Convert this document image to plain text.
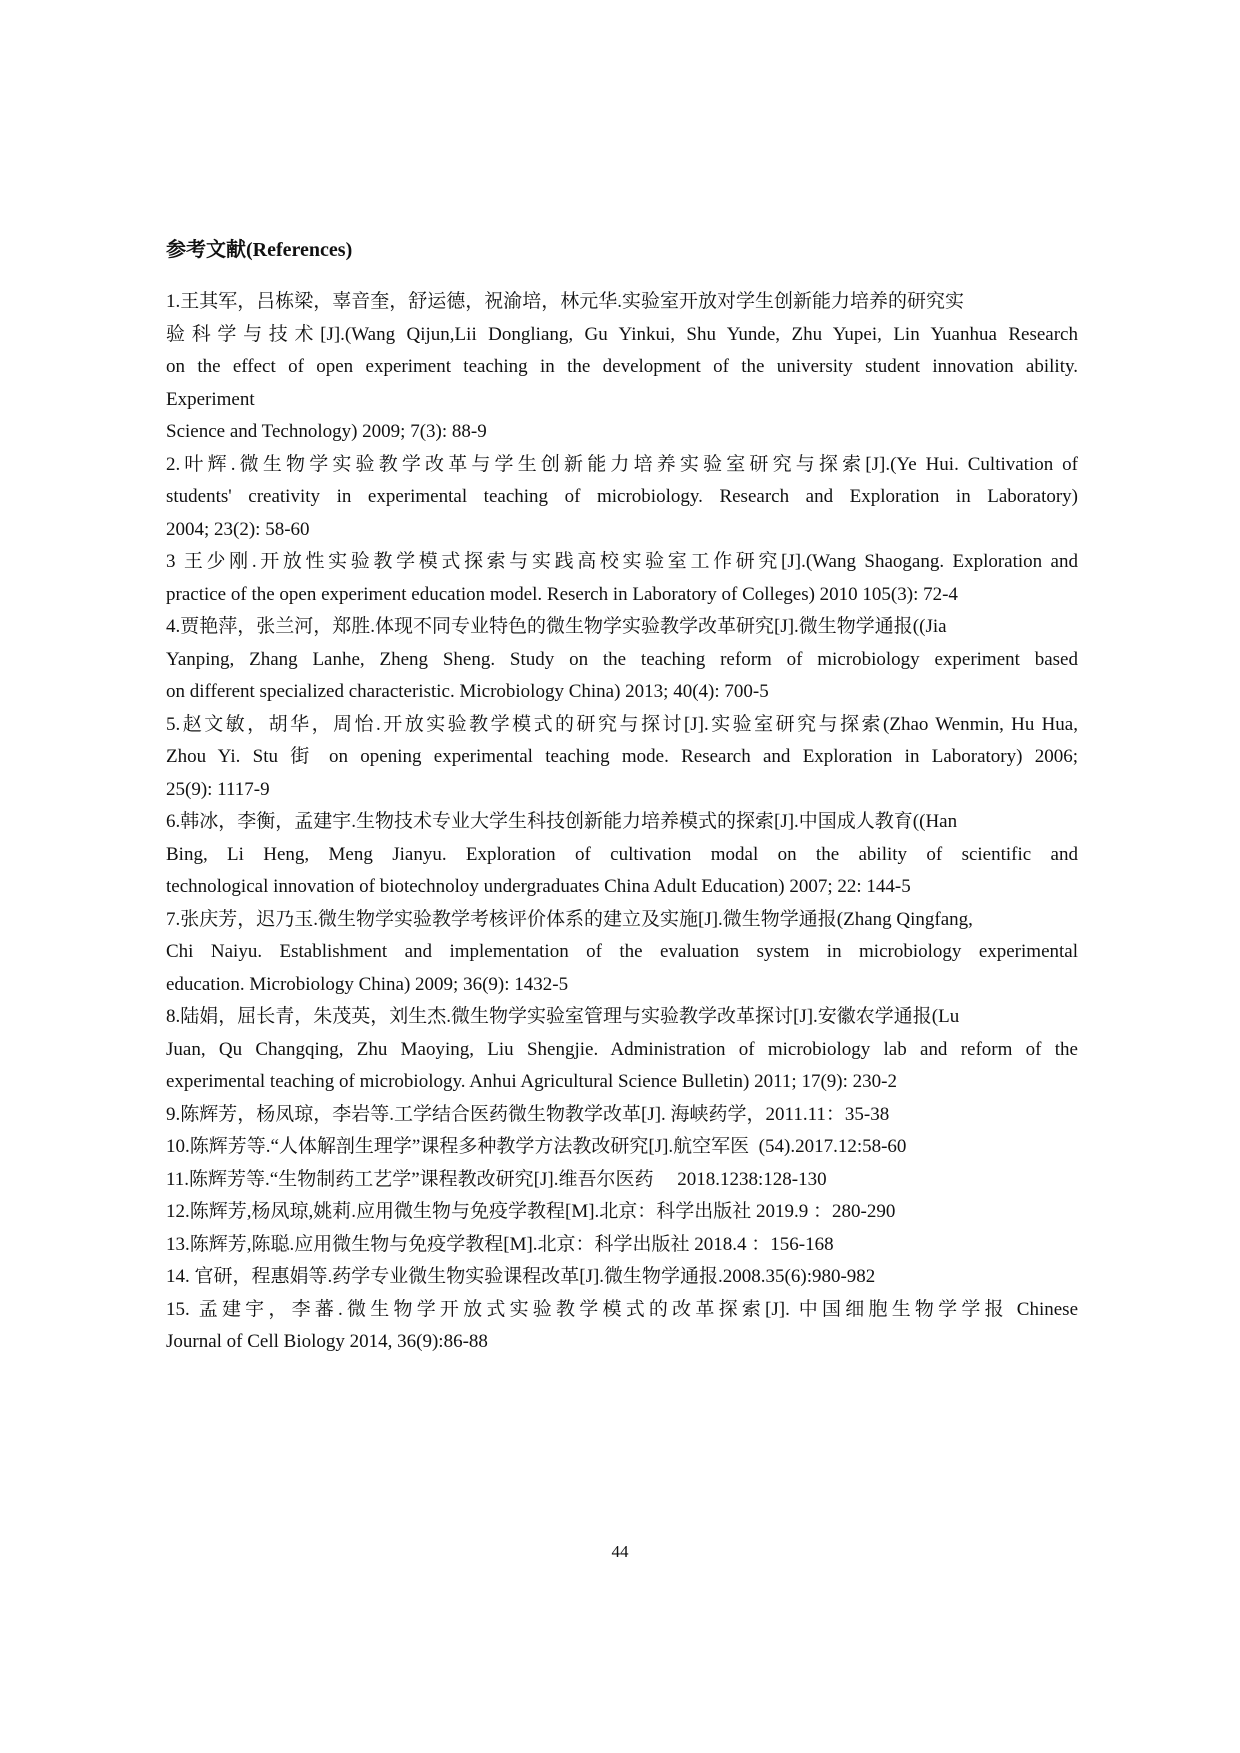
参考文献(References)
1.王其军，吕栋梁，辜音奎，舒运德，祝渝培，林元华.实验室开放对学生创新能力培养的研究实
验科学与技术[J].(Wang Qijun,Lii Dongliang, Gu Yinkui, Shu Yunde, Zhu Yupei, Lin Yuanhua Research
on the effect of open experiment teaching in the development of the university student innovation ability.
Experiment
Science and Technology) 2009; 7(3): 88-9
2.叶辉.微生物学实验教学改革与学生创新能力培养实验室研究与探索[J].(Ye Hui. Cultivation of
students' creativity in experimental teaching of microbiology. Research and Exploration in Laboratory)
2004; 23(2): 58-60
3 王少刚.开放性实验教学模式探索与实践高校实验室工作研究[J].(Wang Shaogang. Exploration and
practice of the open experiment education model. Reserch in Laboratory of Colleges) 2010 105(3): 72-4
4.贾艳萍，张兰河，郑胜.体现不同专业特色的微生物学实验教学改革研究[J].微生物学通报((Jia
Yanping, Zhang Lanhe, Zheng Sheng. Study on the teaching reform of microbiology experiment based
on different specialized characteristic. Microbiology China) 2013; 40(4): 700-5
5.赵文敏，胡华，周怡.开放实验教学模式的研究与探讨[J].实验室研究与探索(Zhao Wenmin, Hu Hua,
Zhou Yi. Stu 街 on opening experimental teaching mode. Research and Exploration in Laboratory) 2006;
25(9): 1117-9
6.韩冰，李衡，孟建宇.生物技术专业大学生科技创新能力培养模式的探索[J].中国成人教育((Han
Bing, Li Heng, Meng Jianyu. Exploration of cultivation modal on the ability of scientific and
technological innovation of biotechnoloy undergraduates China Adult Education) 2007; 22: 144-5
7.张庆芳，迟乃玉.微生物学实验教学考核评价体系的建立及实施[J].微生物学通报(Zhang Qingfang,
Chi Naiyu. Establishment and implementation of the evaluation system in microbiology experimental
education. Microbiology China) 2009; 36(9): 1432-5
8.陆娟，屈长青，朱茂英，刘生杰.微生物学实验室管理与实验教学改革探讨[J].安徽农学通报(Lu
Juan, Qu Changqing, Zhu Maoying, Liu Shengjie. Administration of microbiology lab and reform of the
experimental teaching of microbiology. Anhui Agricultural Science Bulletin) 2011; 17(9): 230-2
9.陈辉芳，杨凤琼，李岩等.工学结合医药微生物教学改革[J]. 海峡药学，2011.11：35-38
10.陈辉芳等.“人体解剖生理学”课程多种教学方法教改研究[J].航空军医  (54).2017.12:58-60
11.陈辉芳等.“生物制药工艺学”课程教改研究[J].维吾尔医药     2018.1238:128-130
12.陈辉芳,杨凤琼,姚莉.应用微生物与免疫学教程[M].北京：科学出版社 2019.9 ：280-290
13.陈辉芳,陈聪.应用微生物与免疫学教程[M].北京：科学出版社 2018.4 ：156-168
14. 官研，程惠娟等.药学专业微生物实验课程改革[J].微生物学通报.2008.35(6):980-982
15. 孟建宇，李蕃.微生物学开放式实验教学模式的改革探索[J]. 中国细胞生物学学报 Chinese
Journal of Cell Biology 2014, 36(9):86-88
44
